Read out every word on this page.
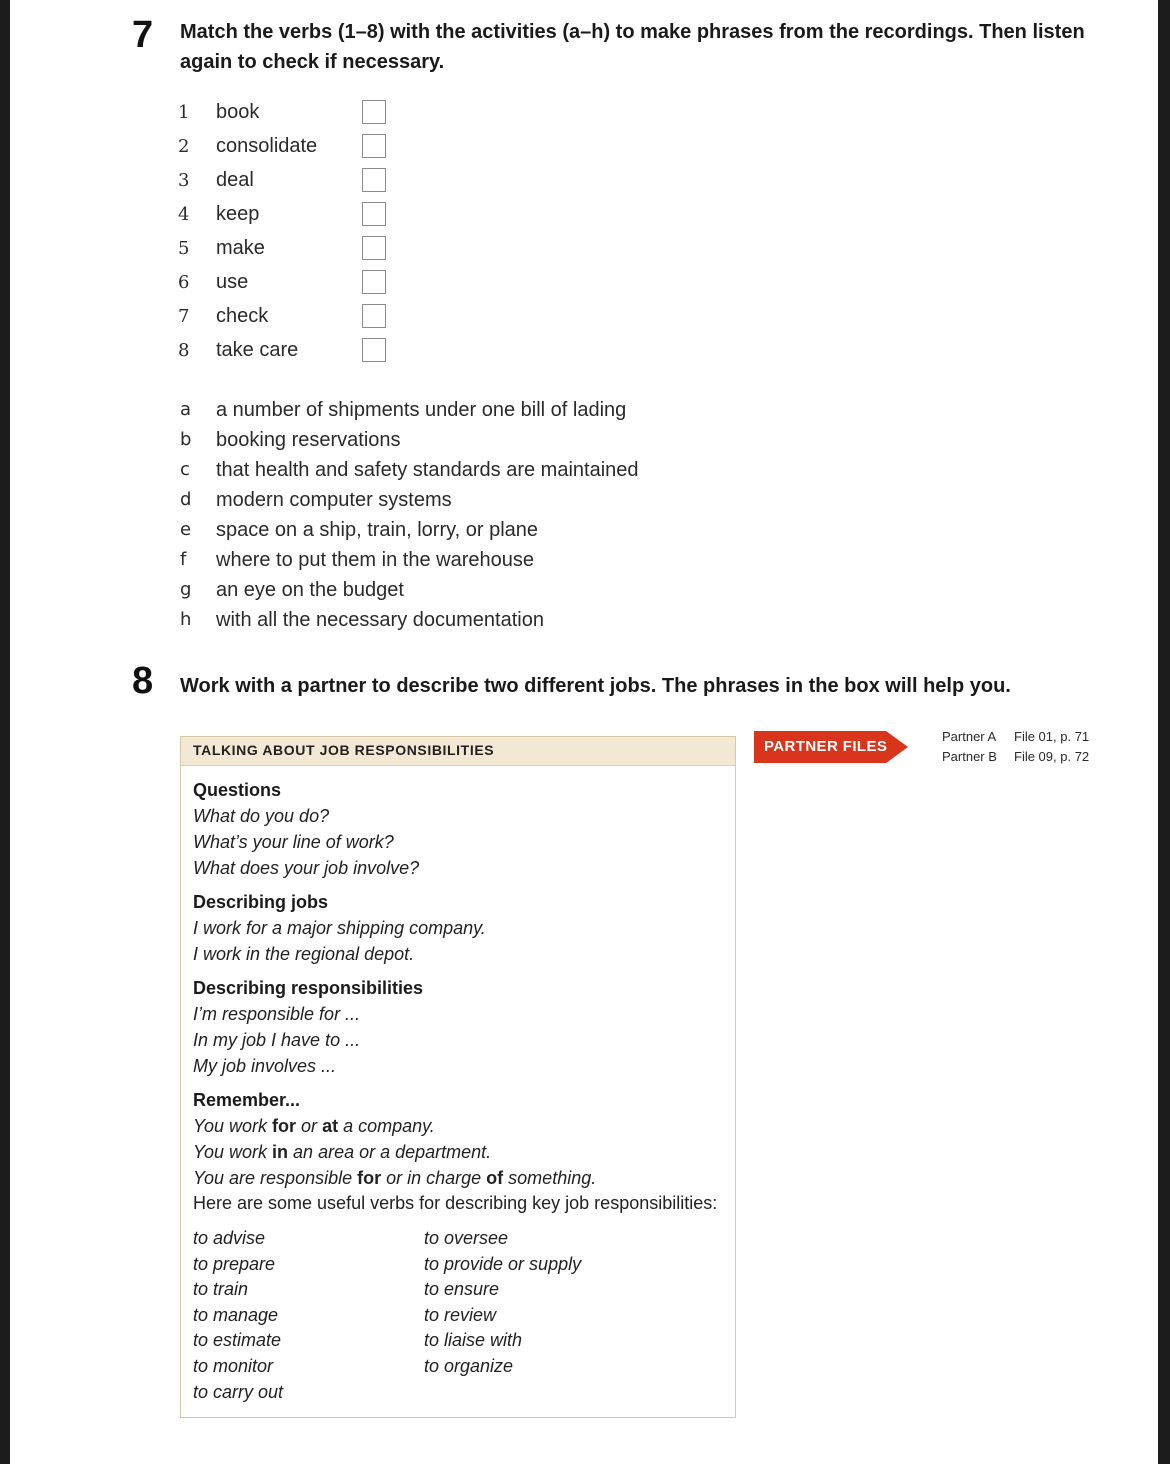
7 Match the verbs (1–8) with the activities (a–h) to make phrases from the recordings. Then listen
again to check if necessary.
1	book
2	consolidate
3	deal
4	keep
5	make
6	use
7	check
8	take care
a	a number of shipments under one bill of lading
b	booking reservations
c	that health and safety standards are maintained
d	modern computer systems
e	space on a ship, train, lorry, or plane
f	where to put them in the warehouse
g	an eye on the budget
h	with all the necessary documentation
8 Work with a partner to describe two different jobs. The phrases in the box will help you.
TALKING ABOUT JOB RESPONSIBILITIES
Questions
What do you do?
What’s your line of work?
What does your job involve?
Describing jobs
I work for a major shipping company.
I work in the regional depot.
Describing responsibilities
I’m responsible for ...
In my job I have to ...
My job involves ...
Remember...
You work for or at a company.
You work in an area or a department.
You are responsible for or in charge of something.
Here are some useful verbs for describing key job responsibilities:
to advise
to prepare
to train
to manage
to estimate
to monitor
to carry out
to oversee
to provide or supply
to ensure
to review
to liaise with
to organize
PARTNER FILES
Partner A File 01, p. 71
Partner B File 09, p. 72
